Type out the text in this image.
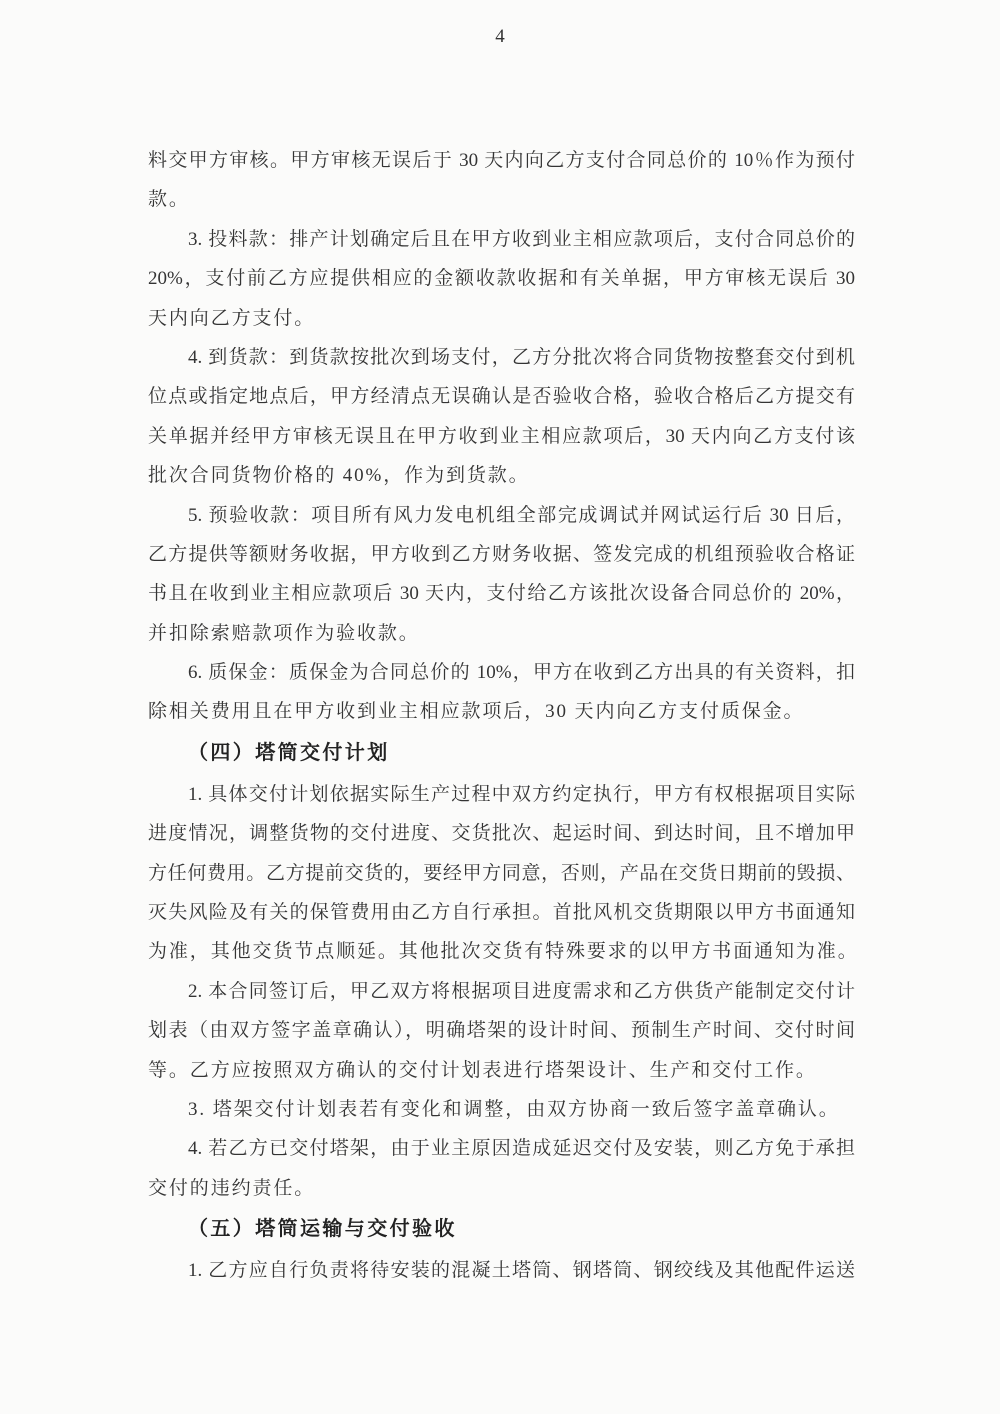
料交甲方审核。甲方审核无误后于 30 天内向乙方支付合同总价的 10％作为预付
款。
3. 投料款：排产计划确定后且在甲方收到业主相应款项后，支付合同总价的
20%，支付前乙方应提供相应的金额收款收据和有关单据，甲方审核无误后 30
天内向乙方支付。
4. 到货款：到货款按批次到场支付，乙方分批次将合同货物按整套交付到机
位点或指定地点后，甲方经清点无误确认是否验收合格，验收合格后乙方提交有
关单据并经甲方审核无误且在甲方收到业主相应款项后，30 天内向乙方支付该
批次合同货物价格的 40%，作为到货款。
5. 预验收款：项目所有风力发电机组全部完成调试并网试运行后 30 日后，
乙方提供等额财务收据，甲方收到乙方财务收据、签发完成的机组预验收合格证
书且在收到业主相应款项后 30 天内，支付给乙方该批次设备合同总价的 20%，
并扣除索赔款项作为验收款。
6. 质保金：质保金为合同总价的 10%，甲方在收到乙方出具的有关资料，扣
除相关费用且在甲方收到业主相应款项后，30 天内向乙方支付质保金。
（四）塔筒交付计划
1. 具体交付计划依据实际生产过程中双方约定执行，甲方有权根据项目实际
进度情况，调整货物的交付进度、交货批次、起运时间、到达时间，且不增加甲
方任何费用。乙方提前交货的，要经甲方同意，否则，产品在交货日期前的毁损、
灭失风险及有关的保管费用由乙方自行承担。首批风机交货期限以甲方书面通知
为准，其他交货节点顺延。其他批次交货有特殊要求的以甲方书面通知为准。
2. 本合同签订后，甲乙双方将根据项目进度需求和乙方供货产能制定交付计
划表（由双方签字盖章确认），明确塔架的设计时间、预制生产时间、交付时间
等。乙方应按照双方确认的交付计划表进行塔架设计、生产和交付工作。
3. 塔架交付计划表若有变化和调整，由双方协商一致后签字盖章确认。
4. 若乙方已交付塔架，由于业主原因造成延迟交付及安装，则乙方免于承担
交付的违约责任。
（五）塔筒运输与交付验收
1. 乙方应自行负责将待安装的混凝土塔筒、钢塔筒、钢绞线及其他配件运送
4
